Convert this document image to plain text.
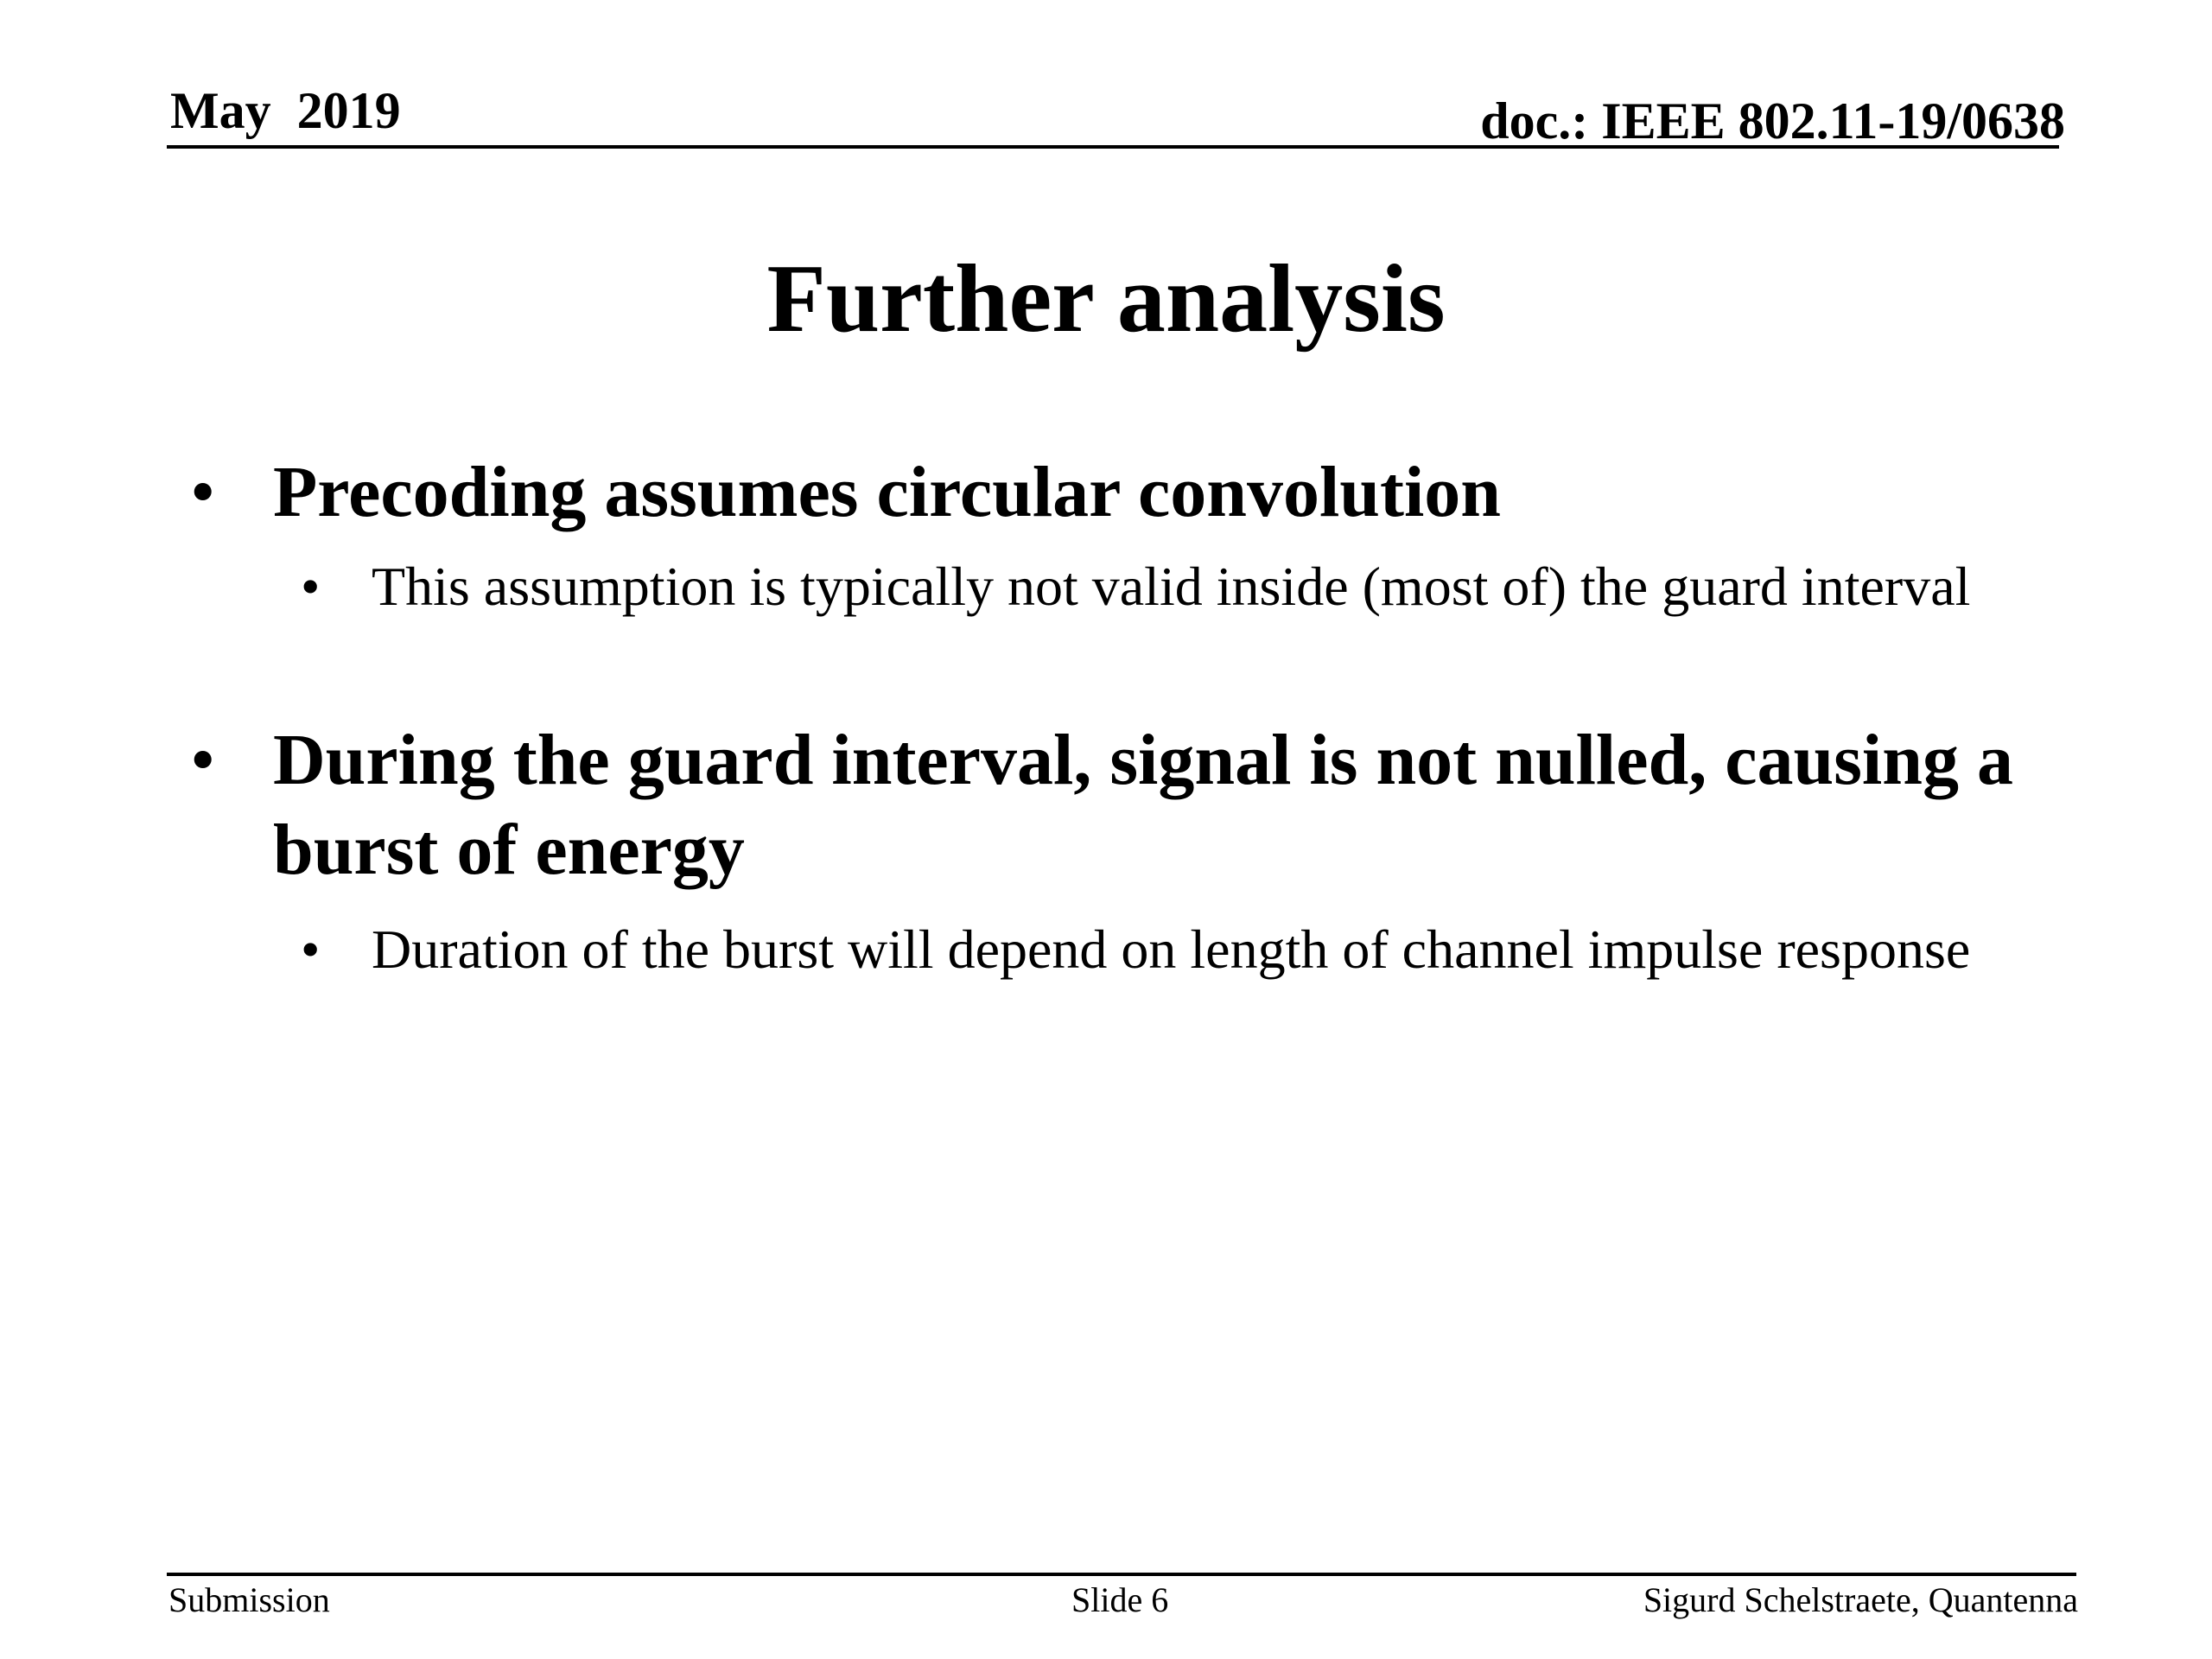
May  2019	doc.: IEEE 802.11-19/0638
Further analysis
• Precoding assumes circular convolution
• This assumption is typically not valid inside (most of) the guard interval
• During the guard interval, signal is not nulled, causing a burst of energy
• Duration of the burst will depend on length of channel impulse response
Submission	Slide 6	Sigurd Schelstraete, Quantenna
